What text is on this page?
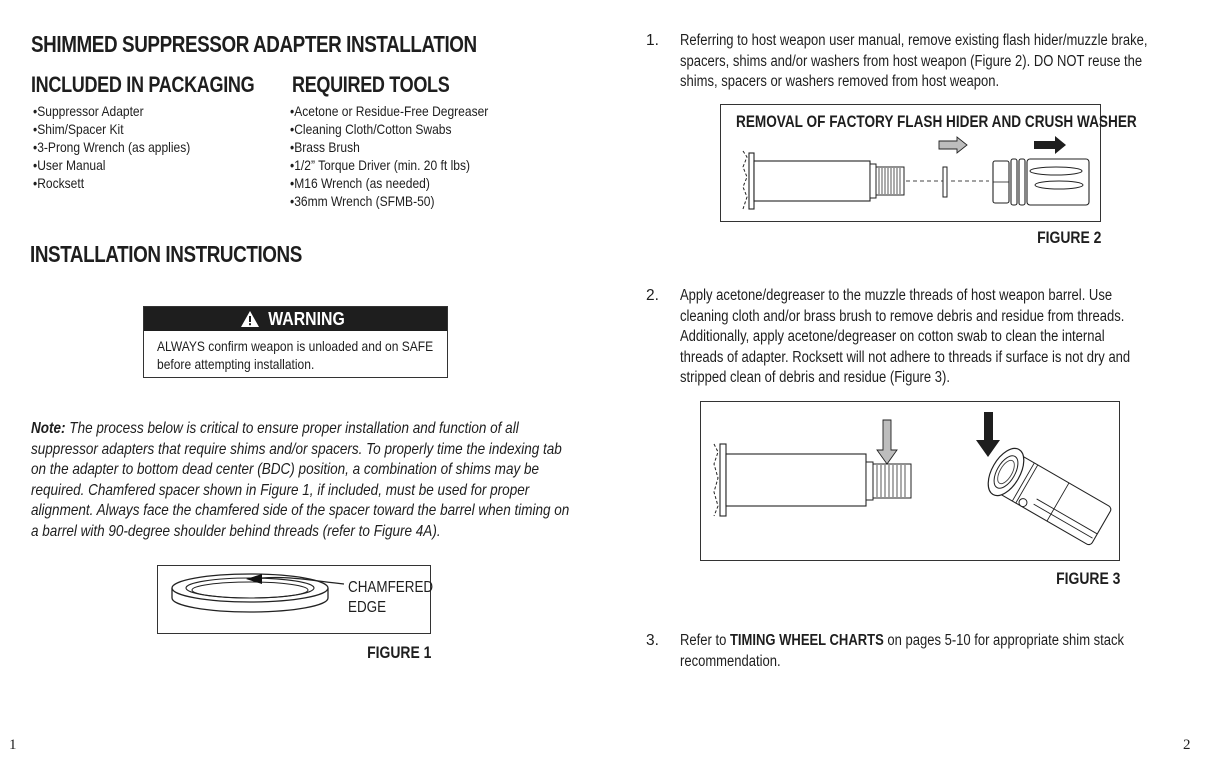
SHIMMED SUPPRESSOR ADAPTER INSTALLATION
INCLUDED IN PACKAGING
• Suppressor Adapter
• Shim/Spacer Kit
• 3-Prong Wrench (as applies)
• User Manual
• Rocksett
REQUIRED TOOLS
• Acetone or Residue-Free Degreaser
• Cleaning Cloth/Cotton Swabs
• Brass Brush
• 1/2” Torque Driver (min. 20 ft lbs)
• M16 Wrench (as needed)
• 36mm Wrench (SFMB-50)
INSTALLATION INSTRUCTIONS
WARNING
ALWAYS confirm weapon is unloaded and on SAFE
before attempting installation.
Note: The process below is critical to ensure proper installation and function of all suppressor adapters that require shims and/or spacers. To properly time the indexing tab on the adapter to bottom dead center (BDC) position, a combination of shims may be required. Chamfered spacer shown in Figure 1, if included, must be used for proper alignment. Always face the chamfered side of the spacer toward the barrel when timing on a barrel with 90-degree shoulder behind threads (refer to Figure 4A).
CHAMFERED
EDGE
FIGURE 1
1
1. Referring to host weapon user manual, remove existing flash hider/muzzle brake, spacers, shims and/or washers from host weapon (Figure 2). DO NOT reuse the shims, spacers or washers removed from host weapon.
REMOVAL OF FACTORY FLASH HIDER AND CRUSH WASHER
FIGURE 2
2. Apply acetone/degreaser to the muzzle threads of host weapon barrel. Use cleaning cloth and/or brass brush to remove debris and residue from threads. Additionally, apply acetone/degreaser on cotton swab to clean the internal threads of adapter. Rocksett will not adhere to threads if surface is not dry and stripped clean of debris and residue (Figure 3).
FIGURE 3
3. Refer to TIMING WHEEL CHARTS on pages 5-10 for appropriate shim stack recommendation.
2
